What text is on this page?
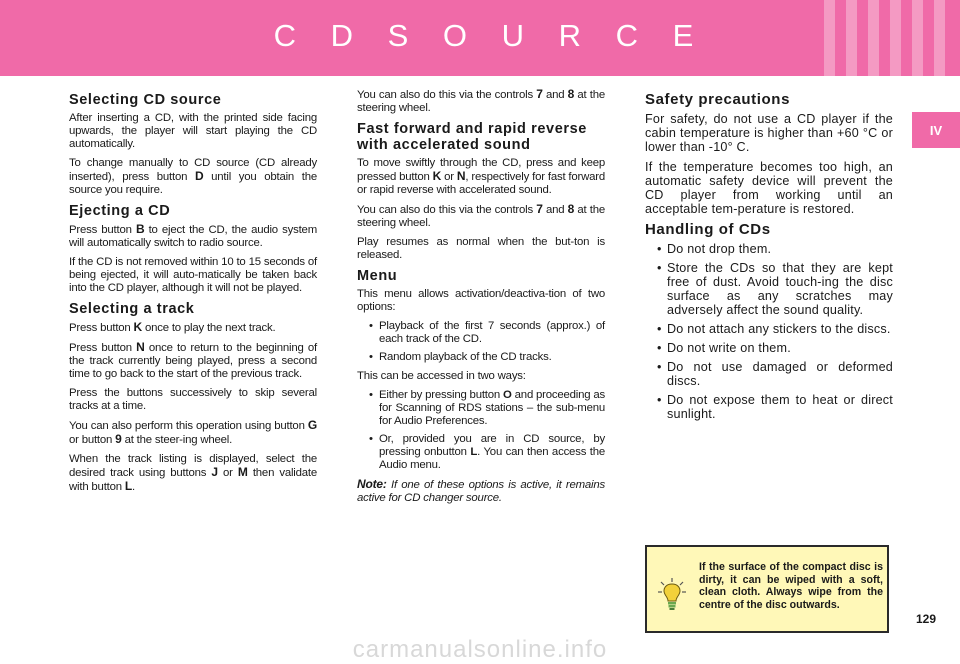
C D S O U R C E
IV
Selecting CD source

After inserting a CD, with the printed side facing upwards, the player will start playing the CD automatically.

To change manually to CD source (CD already inserted), press button D until you obtain the source you require.

Ejecting a CD

Press button B to eject the CD, the audio system will automatically switch to radio source.

If the CD is not removed within 10 to 15 seconds of being ejected, it will auto-matically be taken back into the CD player, although it will not be played.

Selecting a track

Press button K once to play the next track.

Press button N once to return to the beginning of the track currently being played, press a second time to go back to the start of the previous track.

Press the buttons successively to skip several tracks at a time.

You can also perform this operation using button G or button 9 at the steer-ing wheel.

When the track listing is displayed, select the desired track using buttons J or M then validate with button L.

You can also do this via the controls 7 and 8 at the steering wheel.

Fast forward and rapid reverse with accelerated sound

To move swiftly through the CD, press and keep pressed button K or N, respectively for fast forward or rapid reverse with accelerated sound.

You can also do this via the controls 7 and 8 at the steering wheel.

Play resumes as normal when the but-ton is released.

Menu

This menu allows activation/deactiva-tion of two options:

• Playback of the first 7 seconds (approx.) of each track of the CD.
• Random playback of the CD tracks.

This can be accessed in two ways:

• Either by pressing button O and proceeding as for Scanning of RDS stations – the sub-menu for Audio Preferences.
• Or, provided you are in CD source, by pressing onbutton L. You can then access the Audio menu.

Note: If one of these options is active, it remains active for CD changer source.

Safety precautions

For safety, do not use a CD player if the cabin temperature is higher than +60 °C or lower than -10° C.

If the temperature becomes too high, an automatic safety device will prevent the CD player from working until an acceptable tem-perature is restored.

Handling of CDs
• Do not drop them.
• Store the CDs so that they are kept free of dust. Avoid touch-ing the disc surface as any scratches may adversely affect the sound quality.
• Do not attach any stickers to the discs.
• Do not write on them.
• Do not use damaged or deformed discs.
• Do not expose them to heat or direct sunlight.
If the surface of the compact disc is dirty, it can be wiped with a soft, clean cloth. Always wipe from the centre of the disc outwards.
129
carmanualsonline.info
